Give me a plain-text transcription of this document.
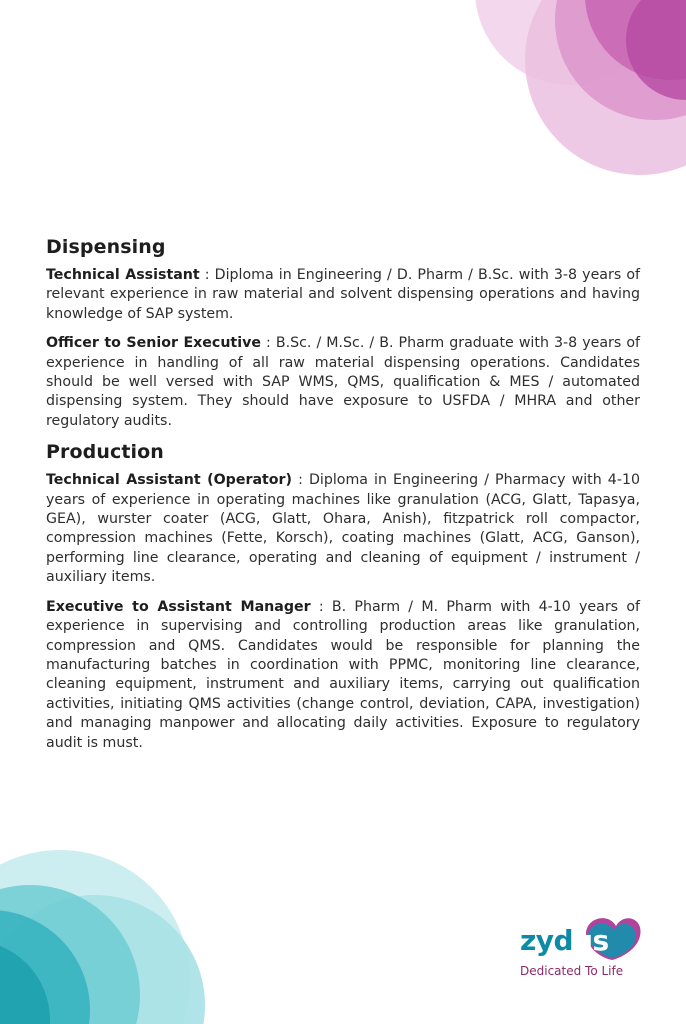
Dispensing

Technical Assistant : Diploma in Engineering / D. Pharm / B.Sc. with 3-8 years of relevant experience in raw material and solvent dispensing operations and having knowledge of SAP system.

Officer to Senior Executive : B.Sc. / M.Sc. / B. Pharm graduate with 3-8 years of experience in handling of all raw material dispensing operations. Candidates should be well versed with SAP WMS, QMS, qualification & MES / automated dispensing system. They should have exposure to USFDA / MHRA and other regulatory audits.

Production

Technical Assistant (Operator) : Diploma in Engineering / Pharmacy with 4-10 years of experience in operating machines like granulation (ACG, Glatt, Tapasya, GEA), wurster coater (ACG, Glatt, Ohara, Anish), fitzpatrick roll compactor, compression machines (Fette, Korsch), coating machines (Glatt, ACG, Ganson), performing line clearance, operating and cleaning of equipment / instrument / auxiliary items.

Executive to Assistant Manager : B. Pharm / M. Pharm with 4-10 years of experience in supervising and controlling production areas like granulation, compression and QMS. Candidates would be responsible for planning the manufacturing batches in coordination with PPMC, monitoring line clearance, cleaning equipment, instrument and auxiliary items, carrying out qualification activities, initiating QMS activities (change control, deviation, CAPA, investigation) and managing manpower and allocating daily activities. Exposure to regulatory audit is must.

zydus
Dedicated To Life
